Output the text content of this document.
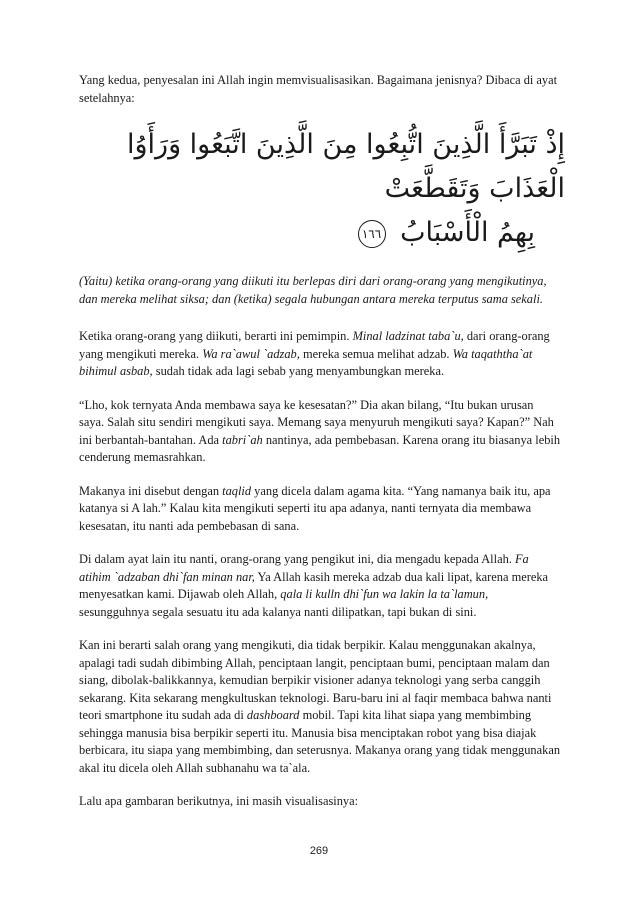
Yang kedua, penyesalan ini Allah ingin memvisualisasikan. Bagaimana jenisnya? Dibaca di ayat setelahnya:

إِذْ تَبَرَّأَ الَّذِينَ اتُّبِعُوا مِنَ الَّذِينَ اتَّبَعُوا وَرَأَوُا الْعَذَابَ وَتَقَطَّعَتْ
بِهِمُ الْأَسْبَابُ ١٦٦

(Yaitu) ketika orang-orang yang diikuti itu berlepas diri dari orang-orang yang mengikutinya, dan mereka melihat siksa; dan (ketika) segala hubungan antara mereka terputus sama sekali.

Ketika orang-orang yang diikuti, berarti ini pemimpin. Minal ladzinat taba`u, dari orang-orang yang mengikuti mereka. Wa ra`awul `adzab, mereka semua melihat adzab. Wa taqaththa`at bihimul asbab, sudah tidak ada lagi sebab yang menyambungkan mereka.

“Lho, kok ternyata Anda membawa saya ke kesesatan?” Dia akan bilang, “Itu bukan urusan saya. Salah situ sendiri mengikuti saya. Memang saya menyuruh mengikuti saya? Kapan?” Nah ini berbantah-bantahan. Ada tabri`ah nantinya, ada pembebasan. Karena orang itu biasanya lebih cenderung memasrahkan.

Makanya ini disebut dengan taqlid yang dicela dalam agama kita. “Yang namanya baik itu, apa katanya si A lah.” Kalau kita mengikuti seperti itu apa adanya, nanti ternyata dia membawa kesesatan, itu nanti ada pembebasan di sana.

Di dalam ayat lain itu nanti, orang-orang yang pengikut ini, dia mengadu kepada Allah. Fa atihim `adzaban dhi`fan minan nar, Ya Allah kasih mereka adzab dua kali lipat, karena mereka menyesatkan kami. Dijawab oleh Allah, qala li kulln dhi`fun wa lakin la ta`lamun, sesungguhnya segala sesuatu itu ada kalanya nanti dilipatkan, tapi bukan di sini.

Kan ini berarti salah orang yang mengikuti, dia tidak berpikir. Kalau menggunakan akalnya, apalagi tadi sudah dibimbing Allah, penciptaan langit, penciptaan bumi, penciptaan malam dan siang, dibolak-balikkannya, kemudian berpikir visioner adanya teknologi yang serba canggih sekarang. Kita sekarang mengkultuskan teknologi. Baru-baru ini al faqir membaca bahwa nanti teori smartphone itu sudah ada di dashboard mobil. Tapi kita lihat siapa yang membimbing sehingga manusia bisa berpikir seperti itu. Manusia bisa menciptakan robot yang bisa diajak berbicara, itu siapa yang membimbing, dan seterusnya. Makanya orang yang tidak menggunakan akal itu dicela oleh Allah subhanahu wa ta`ala.

Lalu apa gambaran berikutnya, ini masih visualisasinya:

269
